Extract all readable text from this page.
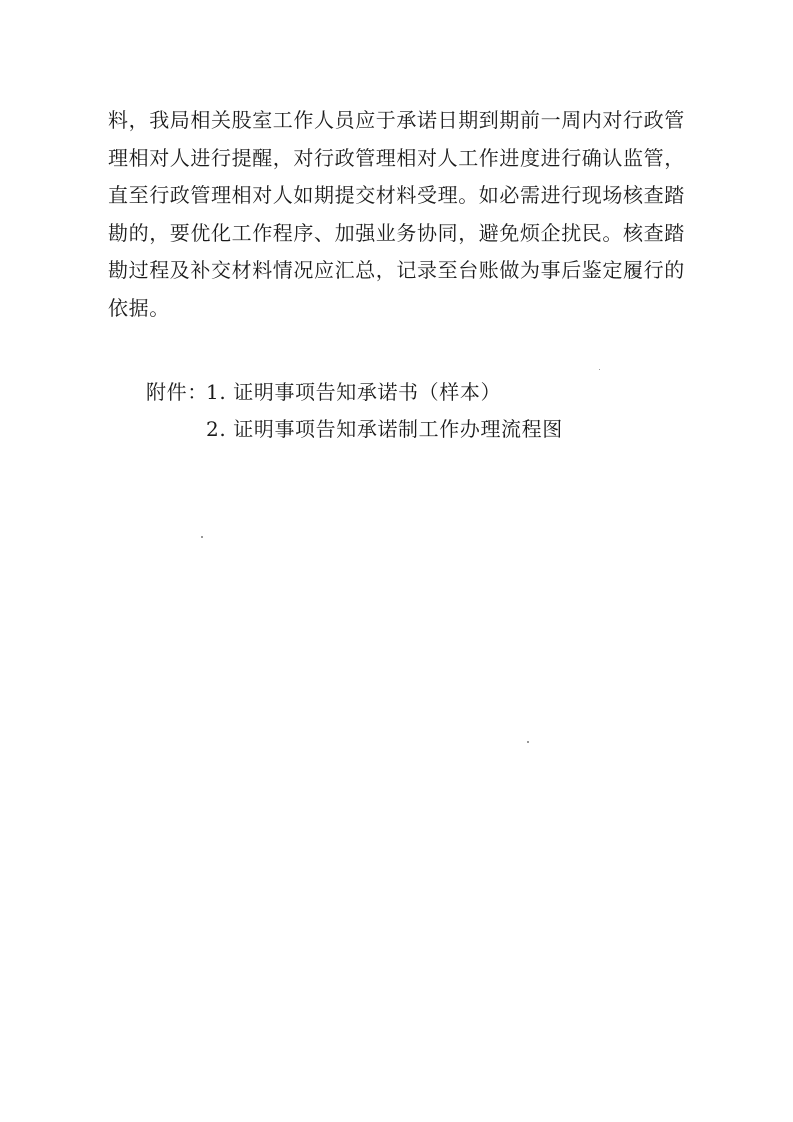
料，我局相关股室工作人员应于承诺日期到期前一周内对行政管
理相对人进行提醒，对行政管理相对人工作进度进行确认监管，
直至行政管理相对人如期提交材料受理。如必需进行现场核查踏
勘的，要优化工作程序、加强业务协同，避免烦企扰民。核查踏
勘过程及补交材料情况应汇总，记录至台账做为事后鉴定履行的
依据。
附件：1. 证明事项告知承诺书（样本）
2. 证明事项告知承诺制工作办理流程图
